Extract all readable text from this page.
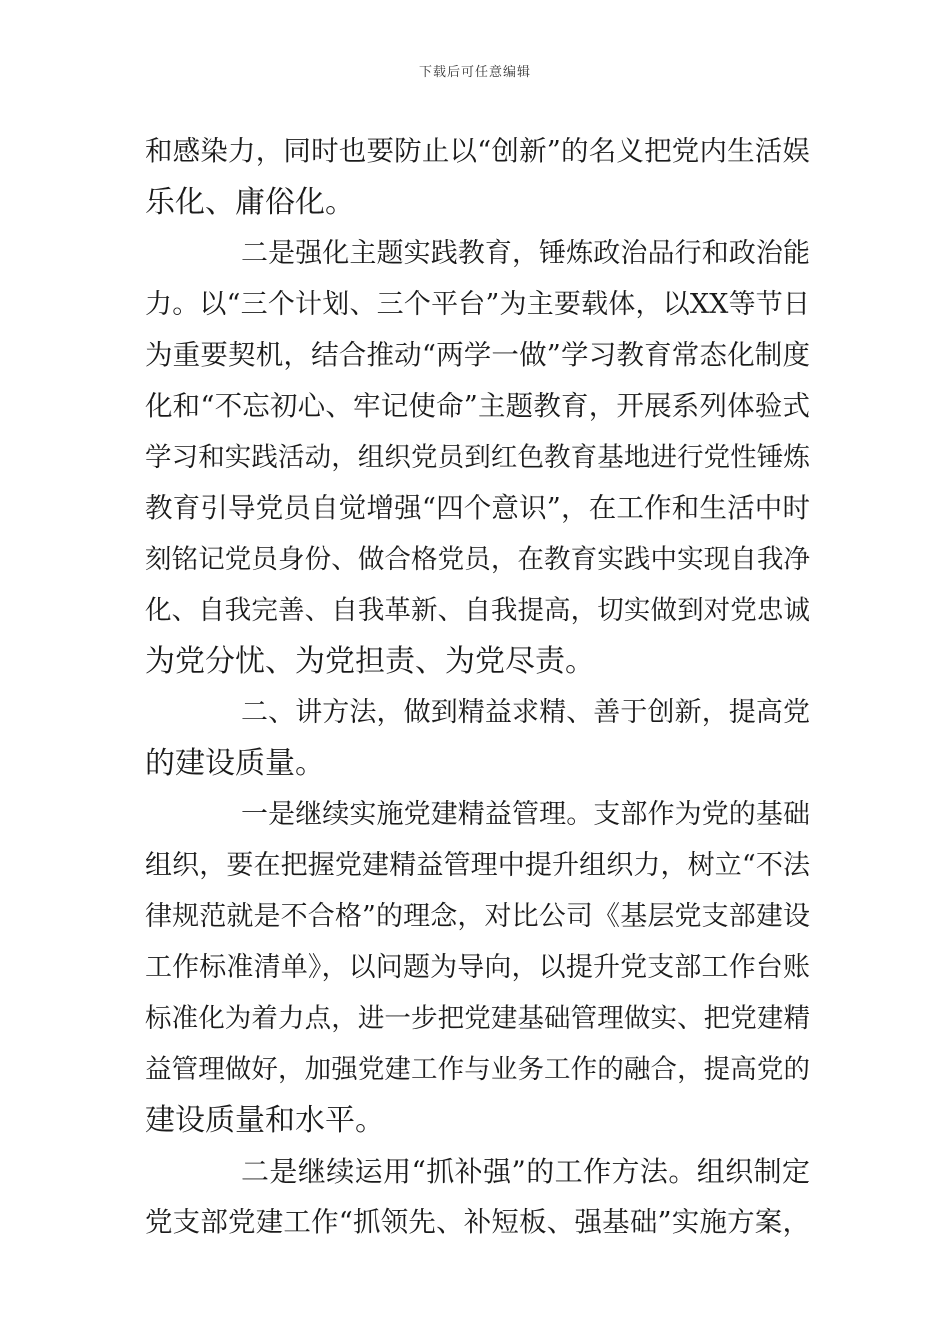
下载后可任意编辑
和感染力，同时也要防止以“创新”的名义把党内生活娱
乐化、庸俗化。
二是强化主题实践教育，锤炼政治品行和政治能
力。以“三个计划、三个平台”为主要载体，以XX等节日
为重要契机，结合推动“两学一做”学习教育常态化制度
化和“不忘初心、牢记使命”主题教育，开展系列体验式
学习和实践活动，组织党员到红色教育基地进行党性锤炼
教育引导党员自觉增强“四个意识”，在工作和生活中时
刻铭记党员身份、做合格党员，在教育实践中实现自我净
化、自我完善、自我革新、自我提高，切实做到对党忠诚
为党分忧、为党担责、为党尽责。
二、讲方法，做到精益求精、善于创新，提高党
的建设质量。
一是继续实施党建精益管理。支部作为党的基础
组织，要在把握党建精益管理中提升组织力，树立“不法
律规范就是不合格”的理念，对比公司《基层党支部建设
工作标准清单》，以问题为导向，以提升党支部工作台账
标准化为着力点，进一步把党建基础管理做实、把党建精
益管理做好，加强党建工作与业务工作的融合，提高党的
建设质量和水平。
二是继续运用“抓补强”的工作方法。组织制定
党支部党建工作“抓领先、补短板、强基础”实施方案，
